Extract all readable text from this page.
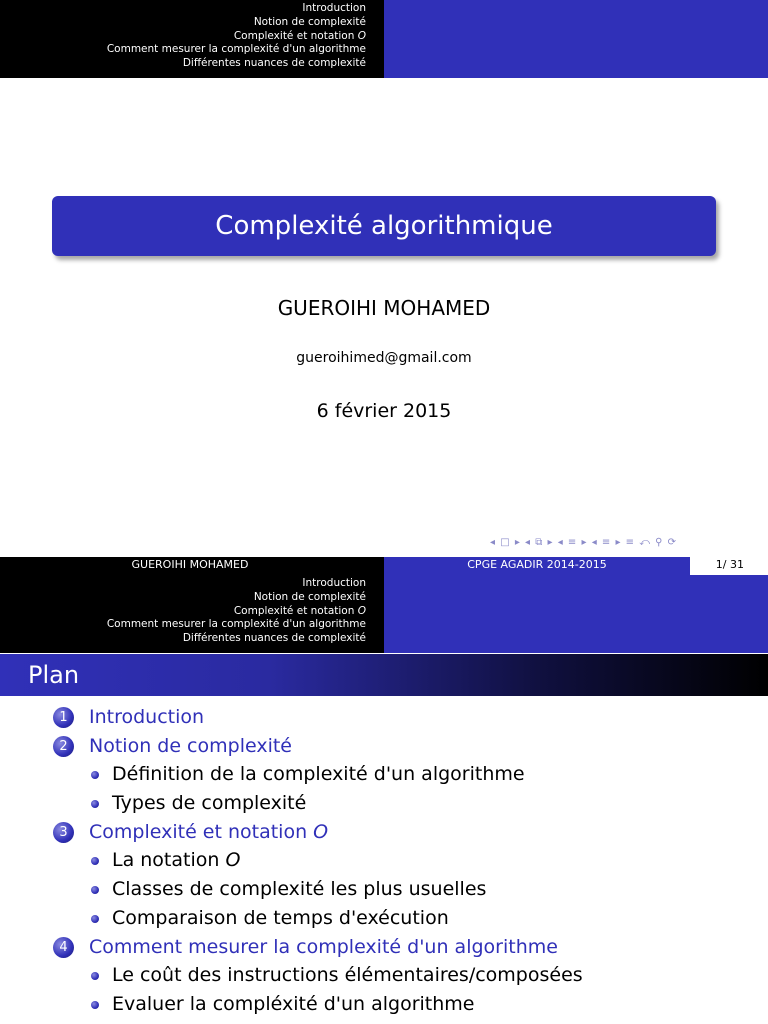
Introduction
Notion de complexité
Complexité et notation O
Comment mesurer la complexité d'un algorithme
Différentes nuances de complexité
Complexité algorithmique
GUEROIHI MOHAMED
gueroihimed@gmail.com
6 février 2015
◂ □ ▸ ◂ ⧉ ▸ ◂ ≡ ▸ ◂ ≡ ▸ ≡ ⤺ ⚲ ⟳
GUEROIHI MOHAMED	CPGE AGADIR 2014-2015	1/ 31
Introduction
Notion de complexité
Complexité et notation O
Comment mesurer la complexité d'un algorithme
Différentes nuances de complexité
Plan
1	Introduction
2	Notion de complexité
Définition de la complexité d'un algorithme
Types de complexité
3	Complexité et notation O
La notation O
Classes de complexité les plus usuelles
Comparaison de temps d'exécution
4	Comment mesurer la complexité d'un algorithme
Le coût des instructions élémentaires/composées
Evaluer la compléxité d'un algorithme
